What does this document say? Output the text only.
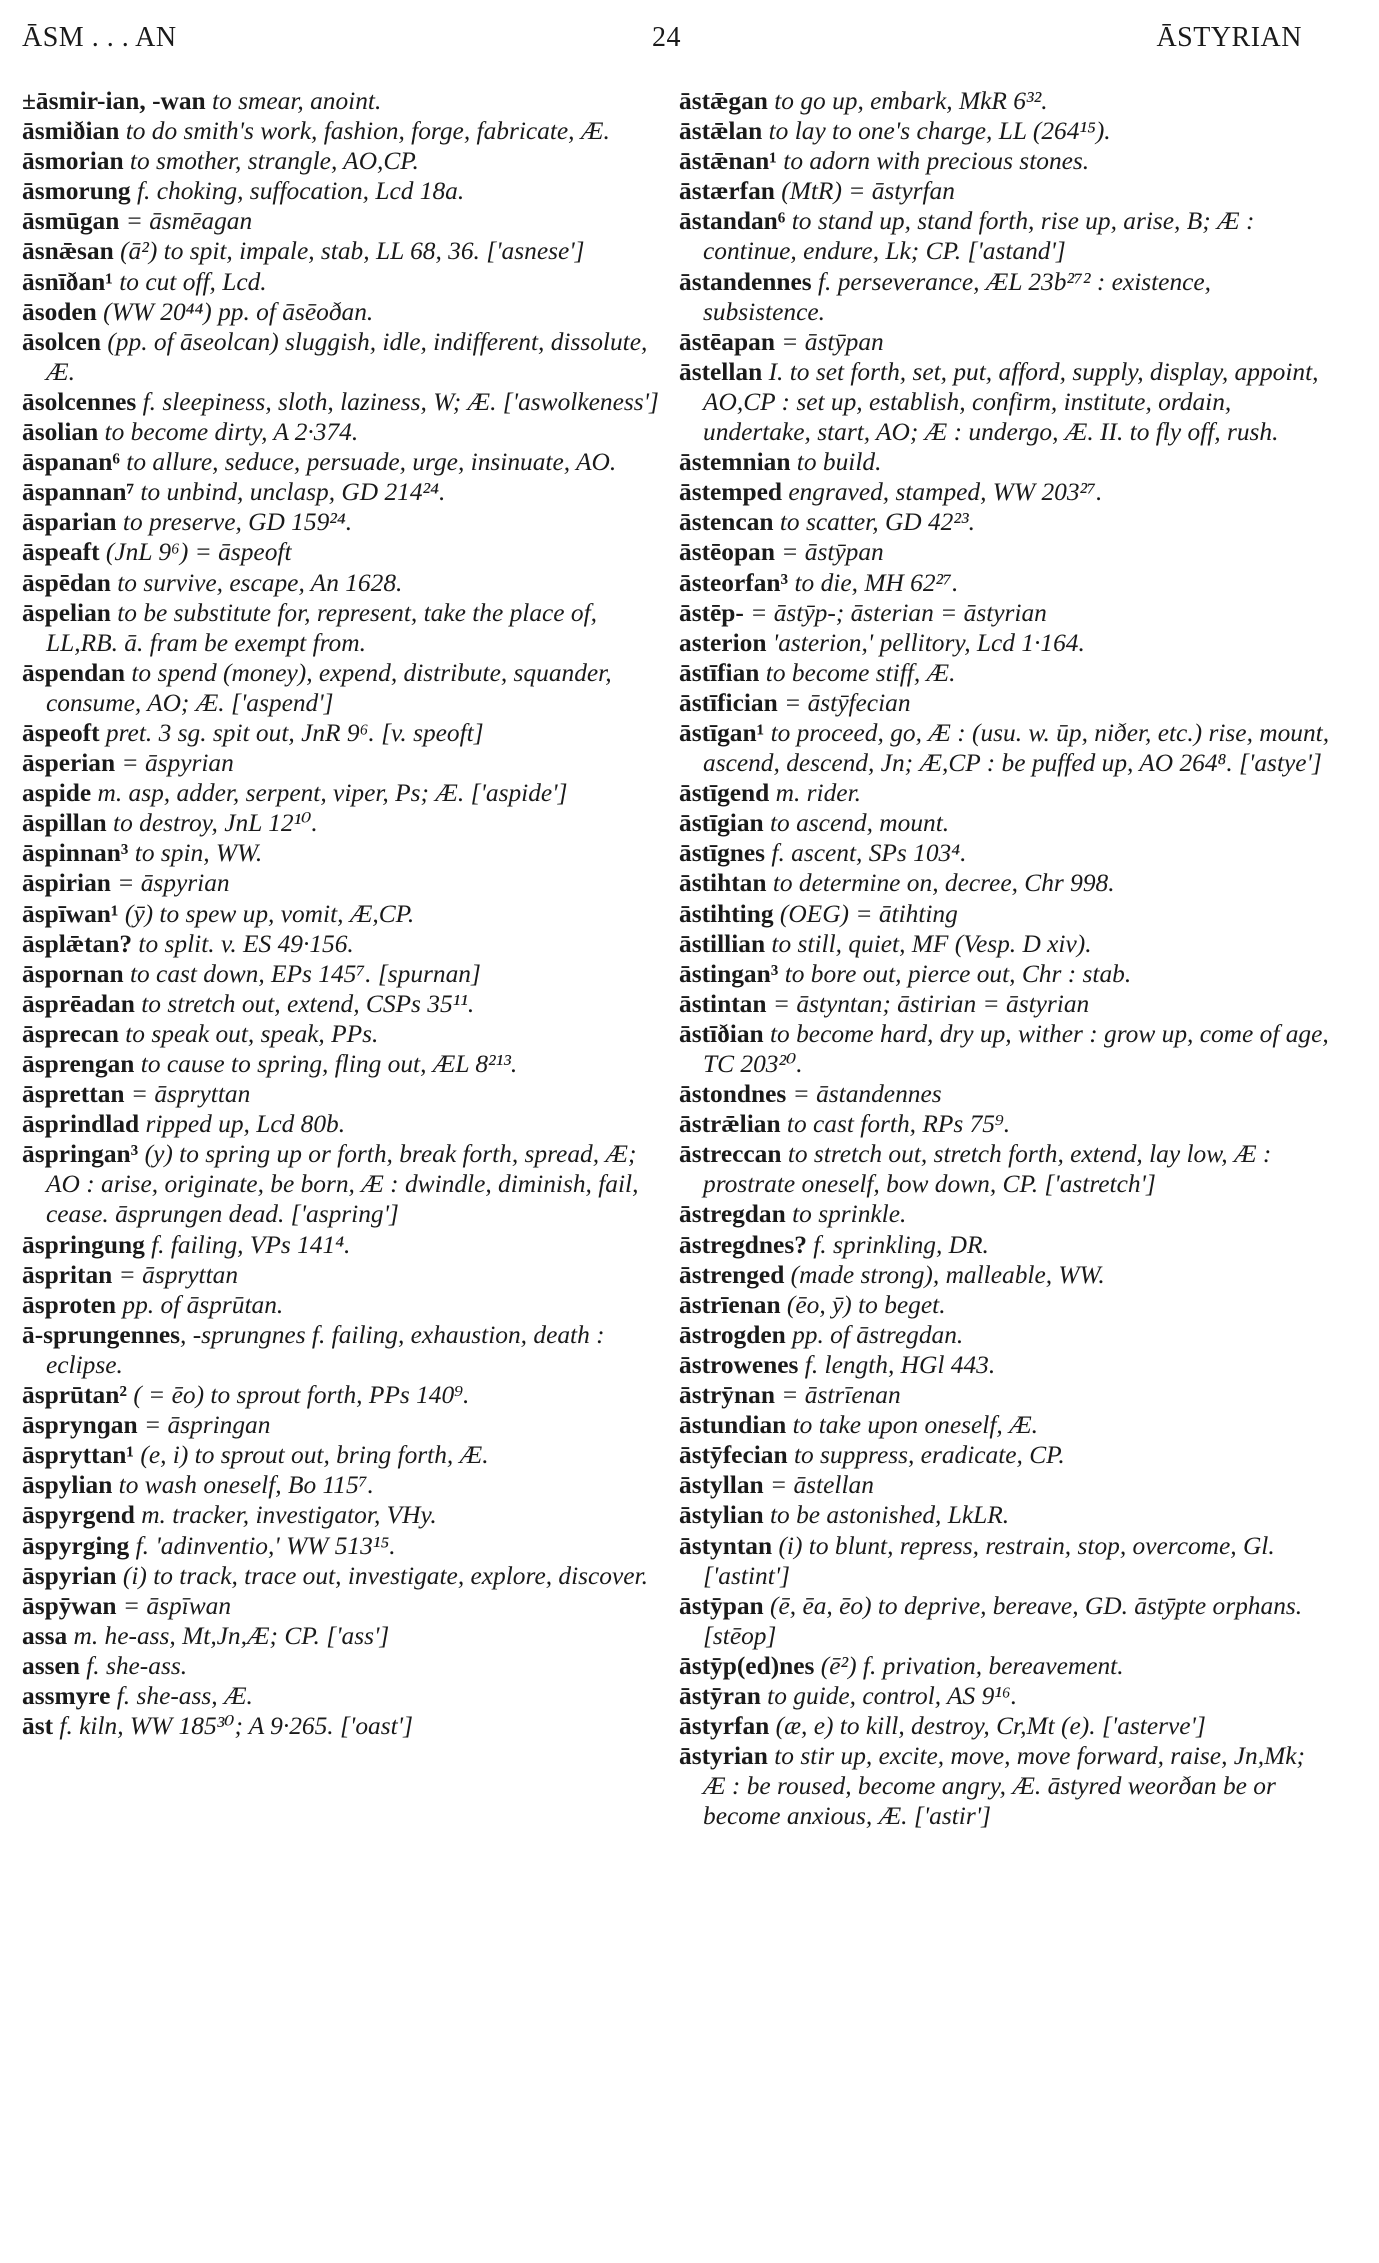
ĀSM . . . AN	24	ĀSTYRIAN

±āsmir-ian, -wan to smear, anoint.

āsmiðian to do smith's work, fashion, forge, fabricate, Æ.

āsmorian to smother, strangle, AO,CP.

āsmorung f. choking, suffocation, Lcd 18a.

āsmūgan = āsmēagan

āsnǣsan (ā²) to spit, impale, stab, LL 68, 36. ['asnese']

āsnīðan¹ to cut off, Lcd.

āsoden (WW 20⁴⁴) pp. of āsēoðan.

āsolcen (pp. of āseolcan) sluggish, idle, indifferent, dissolute, Æ.

āsolcennes f. sleepiness, sloth, laziness, W; Æ. ['aswolkeness']

āsolian to become dirty, A 2·374.

āspanan⁶ to allure, seduce, persuade, urge, insinuate, AO.

āspannan⁷ to unbind, unclasp, GD 214²⁴.

āsparian to preserve, GD 159²⁴.

āspeaft (JnL 9⁶) = āspeoft

āspēdan to survive, escape, An 1628.

āspelian to be substitute for, represent, take the place of, LL,RB. ā. fram be exempt from.

āspendan to spend (money), expend, distribute, squander, consume, AO; Æ. ['aspend']

āspeoft pret. 3 sg. spit out, JnR 9⁶. [v. speoft]

āsperian = āspyrian

aspide m. asp, adder, serpent, viper, Ps; Æ. ['aspide']

āspillan to destroy, JnL 12¹⁰.

āspinnan³ to spin, WW.

āspirian = āspyrian

āspīwan¹ (ȳ) to spew up, vomit, Æ,CP.

āsplǣtan? to split. v. ES 49·156.

āspornan to cast down, EPs 145⁷. [spurnan]

āsprēadan to stretch out, extend, CSPs 35¹¹.

āsprecan to speak out, speak, PPs.

āsprengan to cause to spring, fling out, ÆL 8²¹³.

āsprettan = āspryttan

āsprindlad ripped up, Lcd 80b.

āspringan³ (y) to spring up or forth, break forth, spread, Æ; AO : arise, originate, be born, Æ : dwindle, diminish, fail, cease. āsprungen dead. ['aspring']

āspringung f. failing, VPs 141⁴.

āspritan = āspryttan

āsproten pp. of āsprūtan.

ā-sprungennes, -sprungnes f. failing, exhaustion, death : eclipse.

āsprūtan² ( = ēo) to sprout forth, PPs 140⁹.

āsprynɡan = āspringan

āspryttan¹ (e, i) to sprout out, bring forth, Æ.

āspylian to wash oneself, Bo 115⁷.

āspyrgend m. tracker, investigator, VHy.

āspyrging f. 'adinventio,' WW 513¹⁵.

āspyrian (i) to track, trace out, investigate, explore, discover.

āspȳwan = āspīwan

assa m. he-ass, Mt,Jn,Æ; CP. ['ass']

assen f. she-ass.

assmyre f. she-ass, Æ.

āst f. kiln, WW 185³⁰; A 9·265. ['oast']

āstǣgan to go up, embark, MkR 6³².

āstǣlan to lay to one's charge, LL (264¹⁵).

āstǣnan¹ to adorn with precious stones.

āstærfan (MtR) = āstyrfan

āstandan⁶ to stand up, stand forth, rise up, arise, B; Æ : continue, endure, Lk; CP. ['astand']

āstandennes f. perseverance, ÆL 23b²⁷² : existence, subsistence.

āstēapan = āstȳpan

āstellan I. to set forth, set, put, afford, supply, display, appoint, AO,CP : set up, establish, confirm, institute, ordain, undertake, start, AO; Æ : undergo, Æ. II. to fly off, rush.

āstemnian to build.

āstemped engraved, stamped, WW 203²⁷.

āstencan to scatter, GD 42²³.

āstēopan = āstȳpan

āsteorfan³ to die, MH 62²⁷.

āstēp- = āstȳp-; āsterian = āstyrian

asterion 'asterion,' pellitory, Lcd 1·164.

āstīfian to become stiff, Æ.

āstīfician = āstȳfecian

āstīgan¹ to proceed, go, Æ : (usu. w. ūp, niðer, etc.) rise, mount, ascend, descend, Jn; Æ,CP : be puffed up, AO 264⁸. ['astye']

āstīgend m. rider.

āstīgian to ascend, mount.

āstīgnes f. ascent, SPs 103⁴.

āstihtan to determine on, decree, Chr 998.

āstihting (OEG) = ātihting

āstillian to still, quiet, MF (Vesp. D xiv).

āstingan³ to bore out, pierce out, Chr : stab.

āstintan = āstyntan; āstirian = āstyrian

āstīðian to become hard, dry up, wither : grow up, come of age, TC 203²⁰.

āstondnes = āstandennes

āstrǣlian to cast forth, RPs 75⁹.

āstreccan to stretch out, stretch forth, extend, lay low, Æ : prostrate oneself, bow down, CP. ['astretch']

āstregdan to sprinkle.

āstregdnes? f. sprinkling, DR.

āstrenged (made strong), malleable, WW.

āstrīenan (ēo, ȳ) to beget.

āstrogden pp. of āstregdan.

āstrowenes f. length, HGl 443.

āstrȳnan = āstrīenan

āstundian to take upon oneself, Æ.

āstȳfecian to suppress, eradicate, CP.

āstyllan = āstellan

āstylian to be astonished, LkLR.

āstyntan (i) to blunt, repress, restrain, stop, overcome, Gl. ['astint']

āstȳpan (ē, ēa, ēo) to deprive, bereave, GD. āstȳpte orphans. [stēop]

āstȳp(ed)nes (ē²) f. privation, bereavement.

āstȳran to guide, control, AS 9¹⁶.

āstyrfan (æ, e) to kill, destroy, Cr,Mt (e). ['asterve']

āstyrian to stir up, excite, move, move forward, raise, Jn,Mk; Æ : be roused, become angry, Æ. āstyred weorðan be or become anxious, Æ. ['astir']
